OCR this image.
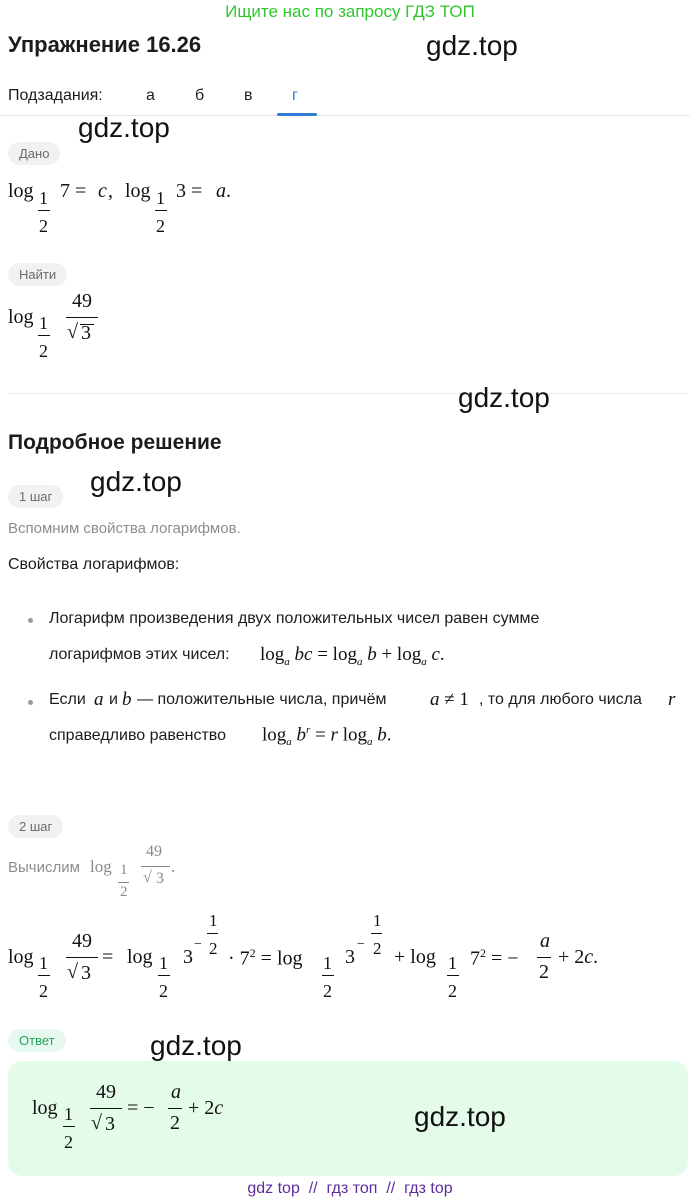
Ищите нас по запросу ГДЗ ТОП
Упражнение 16.26	gdz.top
Подзадания:	а	б в г
gdz.top
Дано
log 1
2
7 = c , log 1
2
3 = a .
Найти
log 1
2
49
√ 3
gdz.top
Подробное решение
1 шаг	gdz.top
Вспомним свойства логарифмов.
Свойства логарифмов:
Логарифм произведения двух положительных чисел равен сумме
логарифмов этих чисел: $\log_a$ bc = $\log_a b + \log_a c$.
Если a и b — положительные числа, причём a ≠ 1 , то для любого числа r
справедливо равенство $\log_a b^r = r$ $\log_a b$.
2 шаг
Вычислим log 1
2
49
√ 3
.
log 1
2
49
√ 3
= log 1
2
3
−
1
$2 \cdot 7^2 = \log 1$
2
3
−
1
2 + log 1
2
$7^2$ = −
a
2
+ 2c.
Ответ	gdz.top
log 1
2
49
√ 3
= −
a
2
+ 2c	gdz.top
gdz top // гдз топ // гдз top
